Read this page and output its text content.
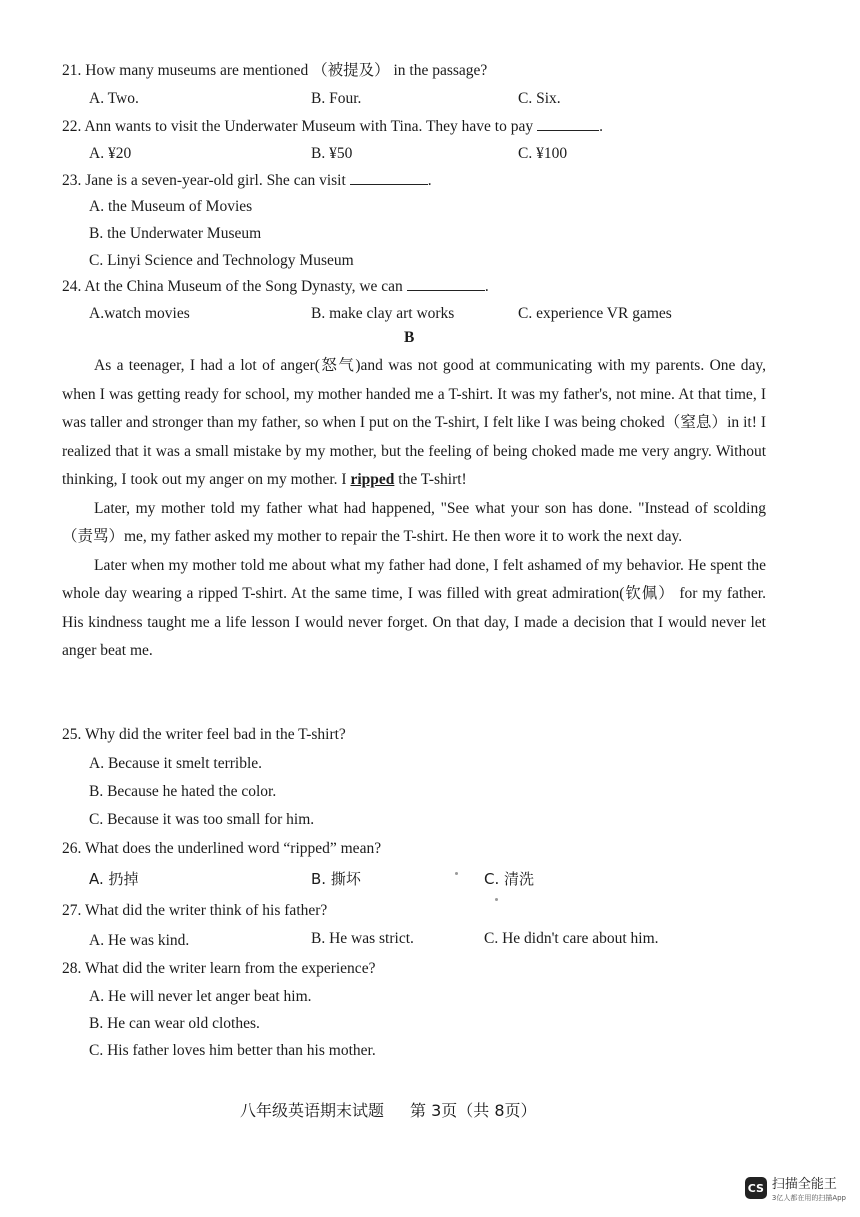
21. How many museums are mentioned （被提及） in the passage?
A. Two.	B. Four.	C. Six.
22. Ann wants to visit the Underwater Museum with Tina. They have to pay	.
A. ¥20	B. ¥50	C. ¥100
23. Jane is a seven-year-old girl. She can visit	.
A. the Museum of Movies
B. the Underwater Museum
C. Linyi Science and Technology Museum
24. At the China Museum of the Song Dynasty, we can	.
A.watch movies	B. make clay art works	C. experience VR games
B

As a teenager, I had a lot of anger(怒气)and was not good at communicating with my parents. One day, when I was getting ready for school, my mother handed me a T-shirt. It was my father's, not mine. At that time, I was taller and stronger than my father, so when I put on the T-shirt, I felt like I was being choked（窒息）in it! I realized that it was a small mistake by my mother, but the feeling of being choked made me very angry. Without thinking, I took out my anger on my mother. I ripped the T-shirt!

Later, my mother told my father what had happened, "See what your son has done. "Instead of scolding（责骂）me, my father asked my mother to repair the T-shirt. He then wore it to work the next day.

Later when my mother told me about what my father had done, I felt ashamed of my behavior. He spent the whole day wearing a ripped T-shirt. At the same time, I was filled with great admiration(钦佩） for my father. His kindness taught me a life lesson I would never forget. On that day, I made a decision that I would never let anger beat me.

25. Why did the writer feel bad in the T-shirt?
A. Because it smelt terrible.
B. Because he hated the color.
C. Because it was too small for him.
26. What does the underlined word “ripped” mean?
A. 扔掉	B. 撕坏	C. 清洗
27. What did the writer think of his father?
A. He was kind.	B. He was strict.	C. He didn't care about him.
28. What did the writer learn from the experience?
A. He will never let anger beat him.
B. He can wear old clothes.
C. His father loves him better than his mother.
八年级英语期末试题 第 3页（共 8页）
CS 扫描全能王
3亿人都在用的扫描App
